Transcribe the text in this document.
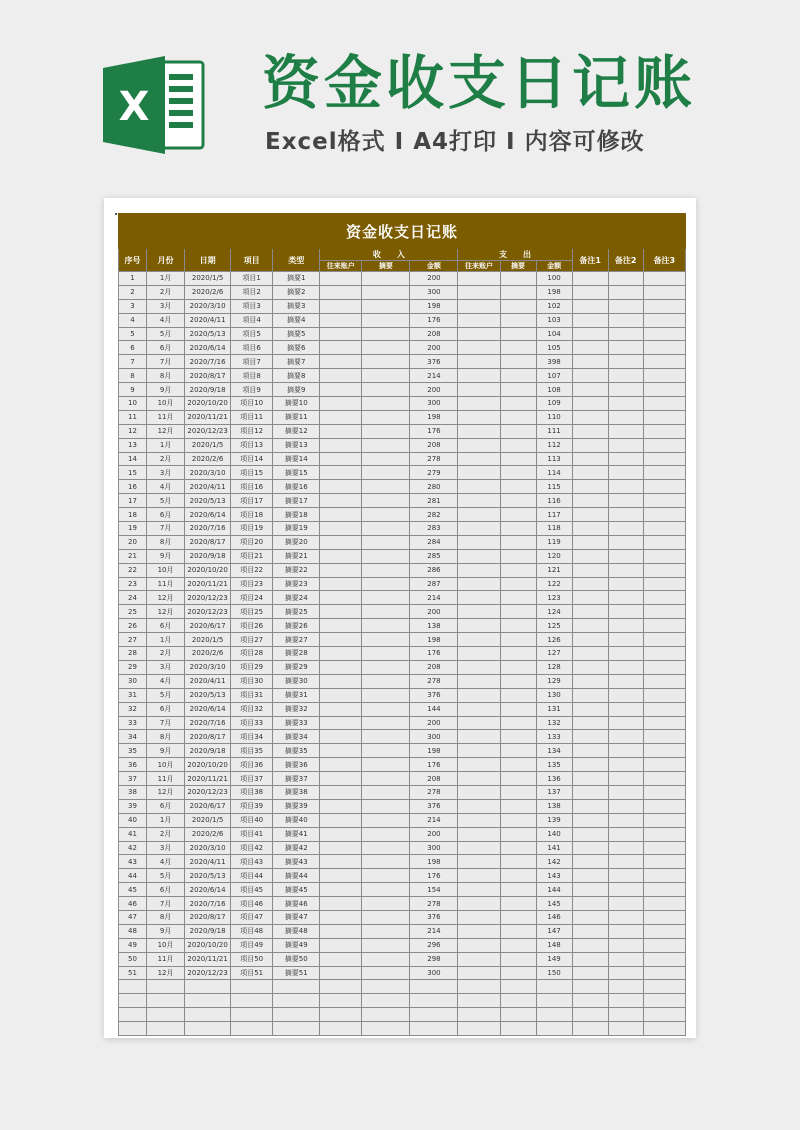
X 资金收支日记账
Excel格式 I A4打印 I 内容可修改
资金收支日记账													
序号	月份	日期	项目	类型	收　　入			支　　出			备注1	备注2	备注3
					往来账户	摘要	金额	往来账户	摘要	金额			
1	1月	2020/1/5	项目1	摘要1			200			100			
2	2月	2020/2/6	项目2	摘要2			300			198			
3	3月	2020/3/10	项目3	摘要3			198			102			
4	4月	2020/4/11	项目4	摘要4			176			103			
5	5月	2020/5/13	项目5	摘要5			208			104			
6	6月	2020/6/14	项目6	摘要6			200			105			
7	7月	2020/7/16	项目7	摘要7			376			398			
8	8月	2020/8/17	项目8	摘要8			214			107			
9	9月	2020/9/18	项目9	摘要9			200			108			
10	10月	2020/10/20	项目10	摘要10			300			109			
11	11月	2020/11/21	项目11	摘要11			198			110			
12	12月	2020/12/23	项目12	摘要12			176			111			
13	1月	2020/1/5	项目13	摘要13			208			112			
14	2月	2020/2/6	项目14	摘要14			278			113			
15	3月	2020/3/10	项目15	摘要15			279			114			
16	4月	2020/4/11	项目16	摘要16			280			115			
17	5月	2020/5/13	项目17	摘要17			281			116			
18	6月	2020/6/14	项目18	摘要18			282			117			
19	7月	2020/7/16	项目19	摘要19			283			118			
20	8月	2020/8/17	项目20	摘要20			284			119			
21	9月	2020/9/18	项目21	摘要21			285			120			
22	10月	2020/10/20	项目22	摘要22			286			121			
23	11月	2020/11/21	项目23	摘要23			287			122			
24	12月	2020/12/23	项目24	摘要24			214			123			
25	12月	2020/12/23	项目25	摘要25			200			124			
26	6月	2020/6/17	项目26	摘要26			138			125			
27	1月	2020/1/5	项目27	摘要27			198			126			
28	2月	2020/2/6	项目28	摘要28			176			127			
29	3月	2020/3/10	项目29	摘要29			208			128			
30	4月	2020/4/11	项目30	摘要30			278			129			
31	5月	2020/5/13	项目31	摘要31			376			130			
32	6月	2020/6/14	项目32	摘要32			144			131			
33	7月	2020/7/16	项目33	摘要33			200			132			
34	8月	2020/8/17	项目34	摘要34			300			133			
35	9月	2020/9/18	项目35	摘要35			198			134			
36	10月	2020/10/20	项目36	摘要36			176			135			
37	11月	2020/11/21	项目37	摘要37			208			136			
38	12月	2020/12/23	项目38	摘要38			278			137			
39	6月	2020/6/17	项目39	摘要39			376			138			
40	1月	2020/1/5	项目40	摘要40			214			139			
41	2月	2020/2/6	项目41	摘要41			200			140			
42	3月	2020/3/10	项目42	摘要42			300			141			
43	4月	2020/4/11	项目43	摘要43			198			142			
44	5月	2020/5/13	项目44	摘要44			176			143			
45	6月	2020/6/14	项目45	摘要45			154			144			
46	7月	2020/7/16	项目46	摘要46			278			145			
47	8月	2020/8/17	项目47	摘要47			376			146			
48	9月	2020/9/18	项目48	摘要48			214			147			
49	10月	2020/10/20	项目49	摘要49			296			148			
50	11月	2020/11/21	项目50	摘要50			298			149			
51	12月	2020/12/23	项目51	摘要51			300			150			
